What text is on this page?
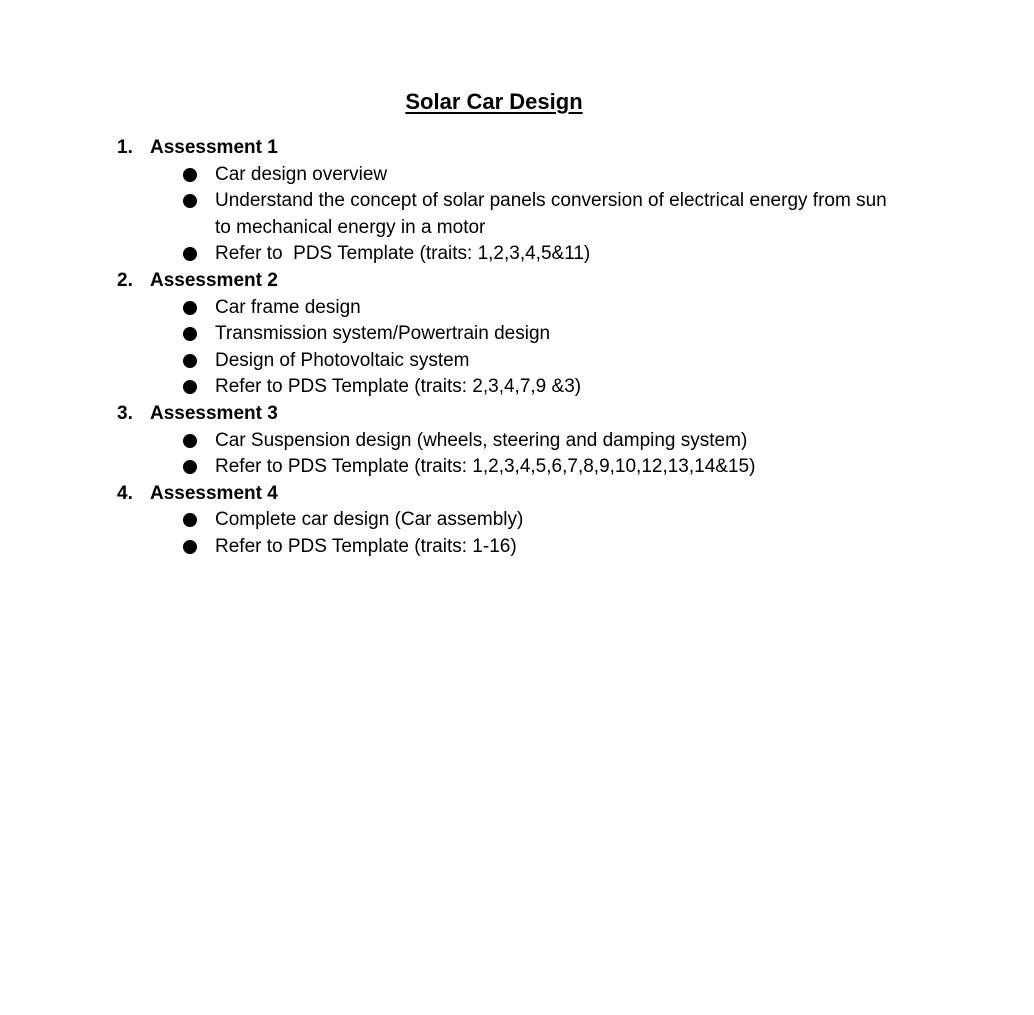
Solar Car Design
1. Assessment 1
Car design overview
Understand the concept of solar panels conversion of electrical energy from sun to mechanical energy in a motor
Refer to  PDS Template (traits: 1,2,3,4,5&11)
2. Assessment 2
Car frame design
Transmission system/Powertrain design
Design of Photovoltaic system
Refer to PDS Template (traits: 2,3,4,7,9 &3)
3. Assessment 3
Car Suspension design (wheels, steering and damping system)
Refer to PDS Template (traits: 1,2,3,4,5,6,7,8,9,10,12,13,14&15)
4. Assessment 4
Complete car design (Car assembly)
Refer to PDS Template (traits: 1-16)
